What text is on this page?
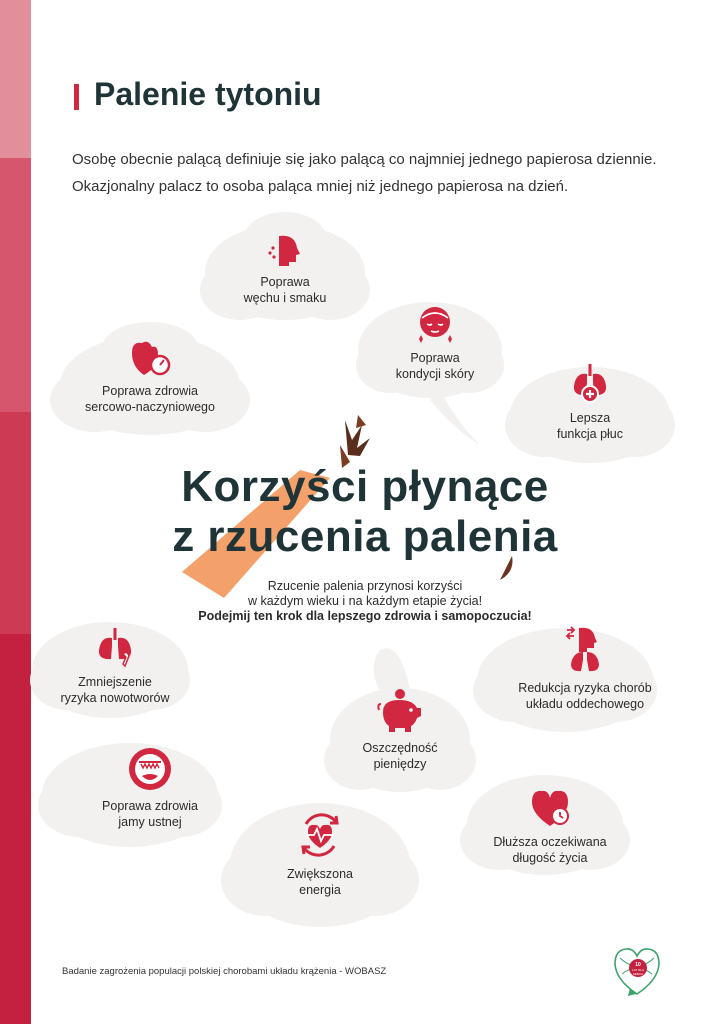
Palenie tytoniu

Osobę obecnie palącą definiuje się jako palącą co najmniej jednego papierosa dziennie.

Okazjonalny palacz to osoba paląca mniej niż jednego papierosa na dzień.

Poprawa
węchu i smaku
Poprawa zdrowia
sercowo-naczyniowego
Poprawa
kondycji skóry
Lepsza
funkcja płuc
Korzyści płynące
z rzucenia palenia
Rzucenie palenia przynosi korzyści
w każdym wieku i na każdym etapie życia!
Podejmij ten krok dla lepszego zdrowia i samopoczucia!
Zmniejszenie
ryzyka nowotworów
Redukcja ryzyka chorób
układu oddechowego
Oszczędność
pieniędzy
Poprawa zdrowia
jamy ustnej
Dłuższa oczekiwana
długość życia
Zwiększona
energia
Badanie zagrożenia populacji polskiej chorobami układu krążenia - WOBASZ
10
LAT DLA
SERCA
